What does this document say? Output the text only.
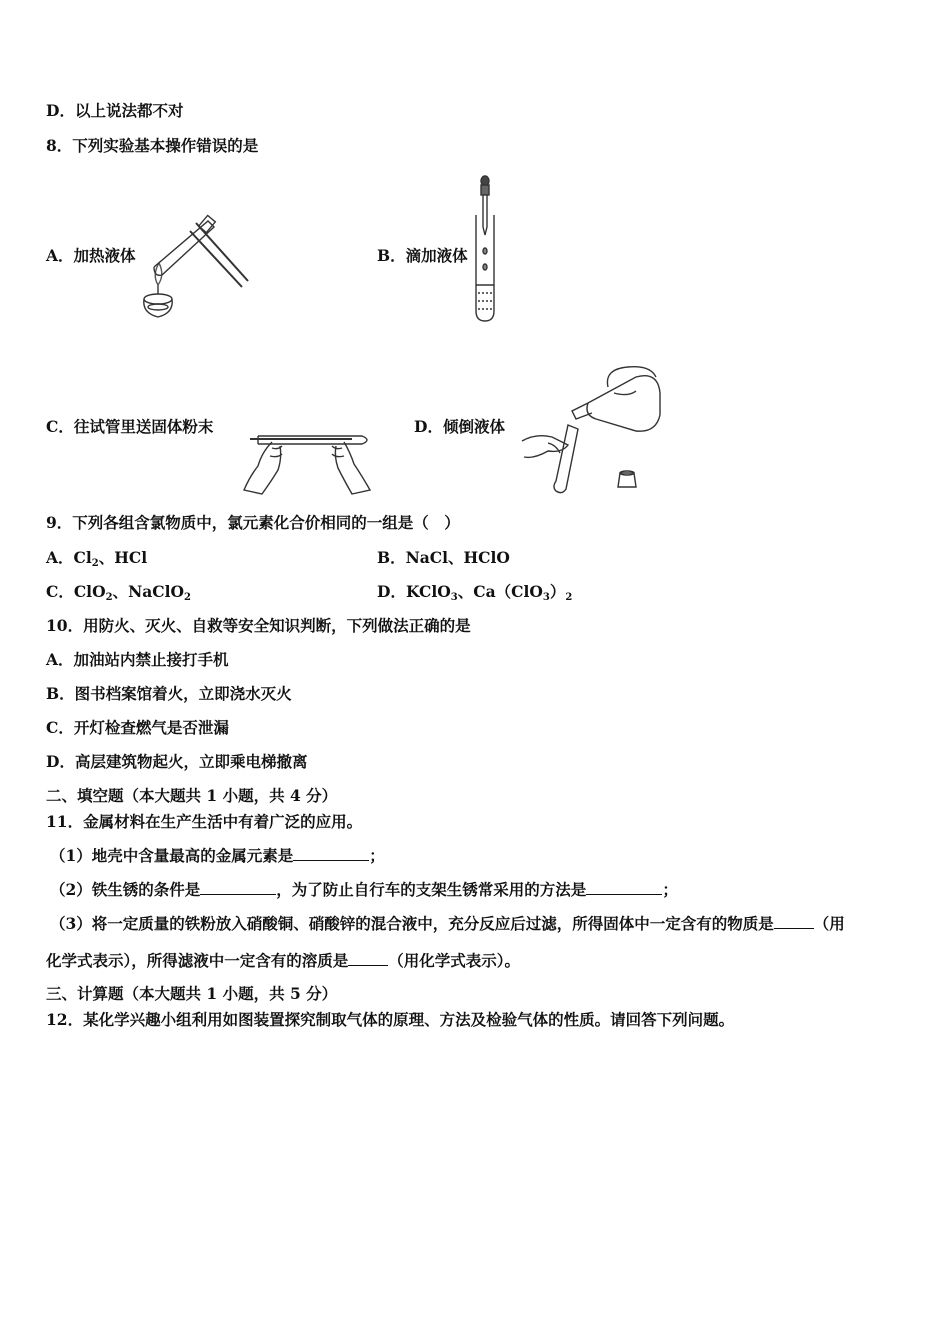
D．以上说法都不对
8．下列实验基本操作错误的是
A．加热液体	B．滴加液体
C．往试管里送固体粉末	D．倾倒液体
9．下列各组含氯物质中，氯元素化合价相同的一组是（　）
A．$Cl_2$、HCl	B．NaCl、HClO
C．ClO$_2$、NaClO$_2$	D．KClO$_3$、$Ca(ClO_3)_2$
10．用防火、灭火、自救等安全知识判断，下列做法正确的是
A．加油站内禁止接打手机
B．图书档案馆着火，立即浇水灭火
C．开灯检查燃气是否泄漏
D．高层建筑物起火，立即乘电梯撤离
二、填空题（本大题共 1 小题，共 4 分）
11．金属材料在生产生活中有着广泛的应用。
（1）地壳中含量最高的金属元素是	；
（2）铁生锈的条件是	，为了防止自行车的支架生锈常采用的方法是	；
（3）将一定质量的铁粉放入硝酸铜、硝酸锌的混合液中，充分反应后过滤，所得固体中一定含有的物质是	（用
化学式表示），所得滤液中一定含有的溶质是	（用化学式表示）。
三、计算题（本大题共 1 小题，共 5 分）
12．某化学兴趣小组利用如图装置探究制取气体的原理、方法及检验气体的性质。请回答下列问题。
